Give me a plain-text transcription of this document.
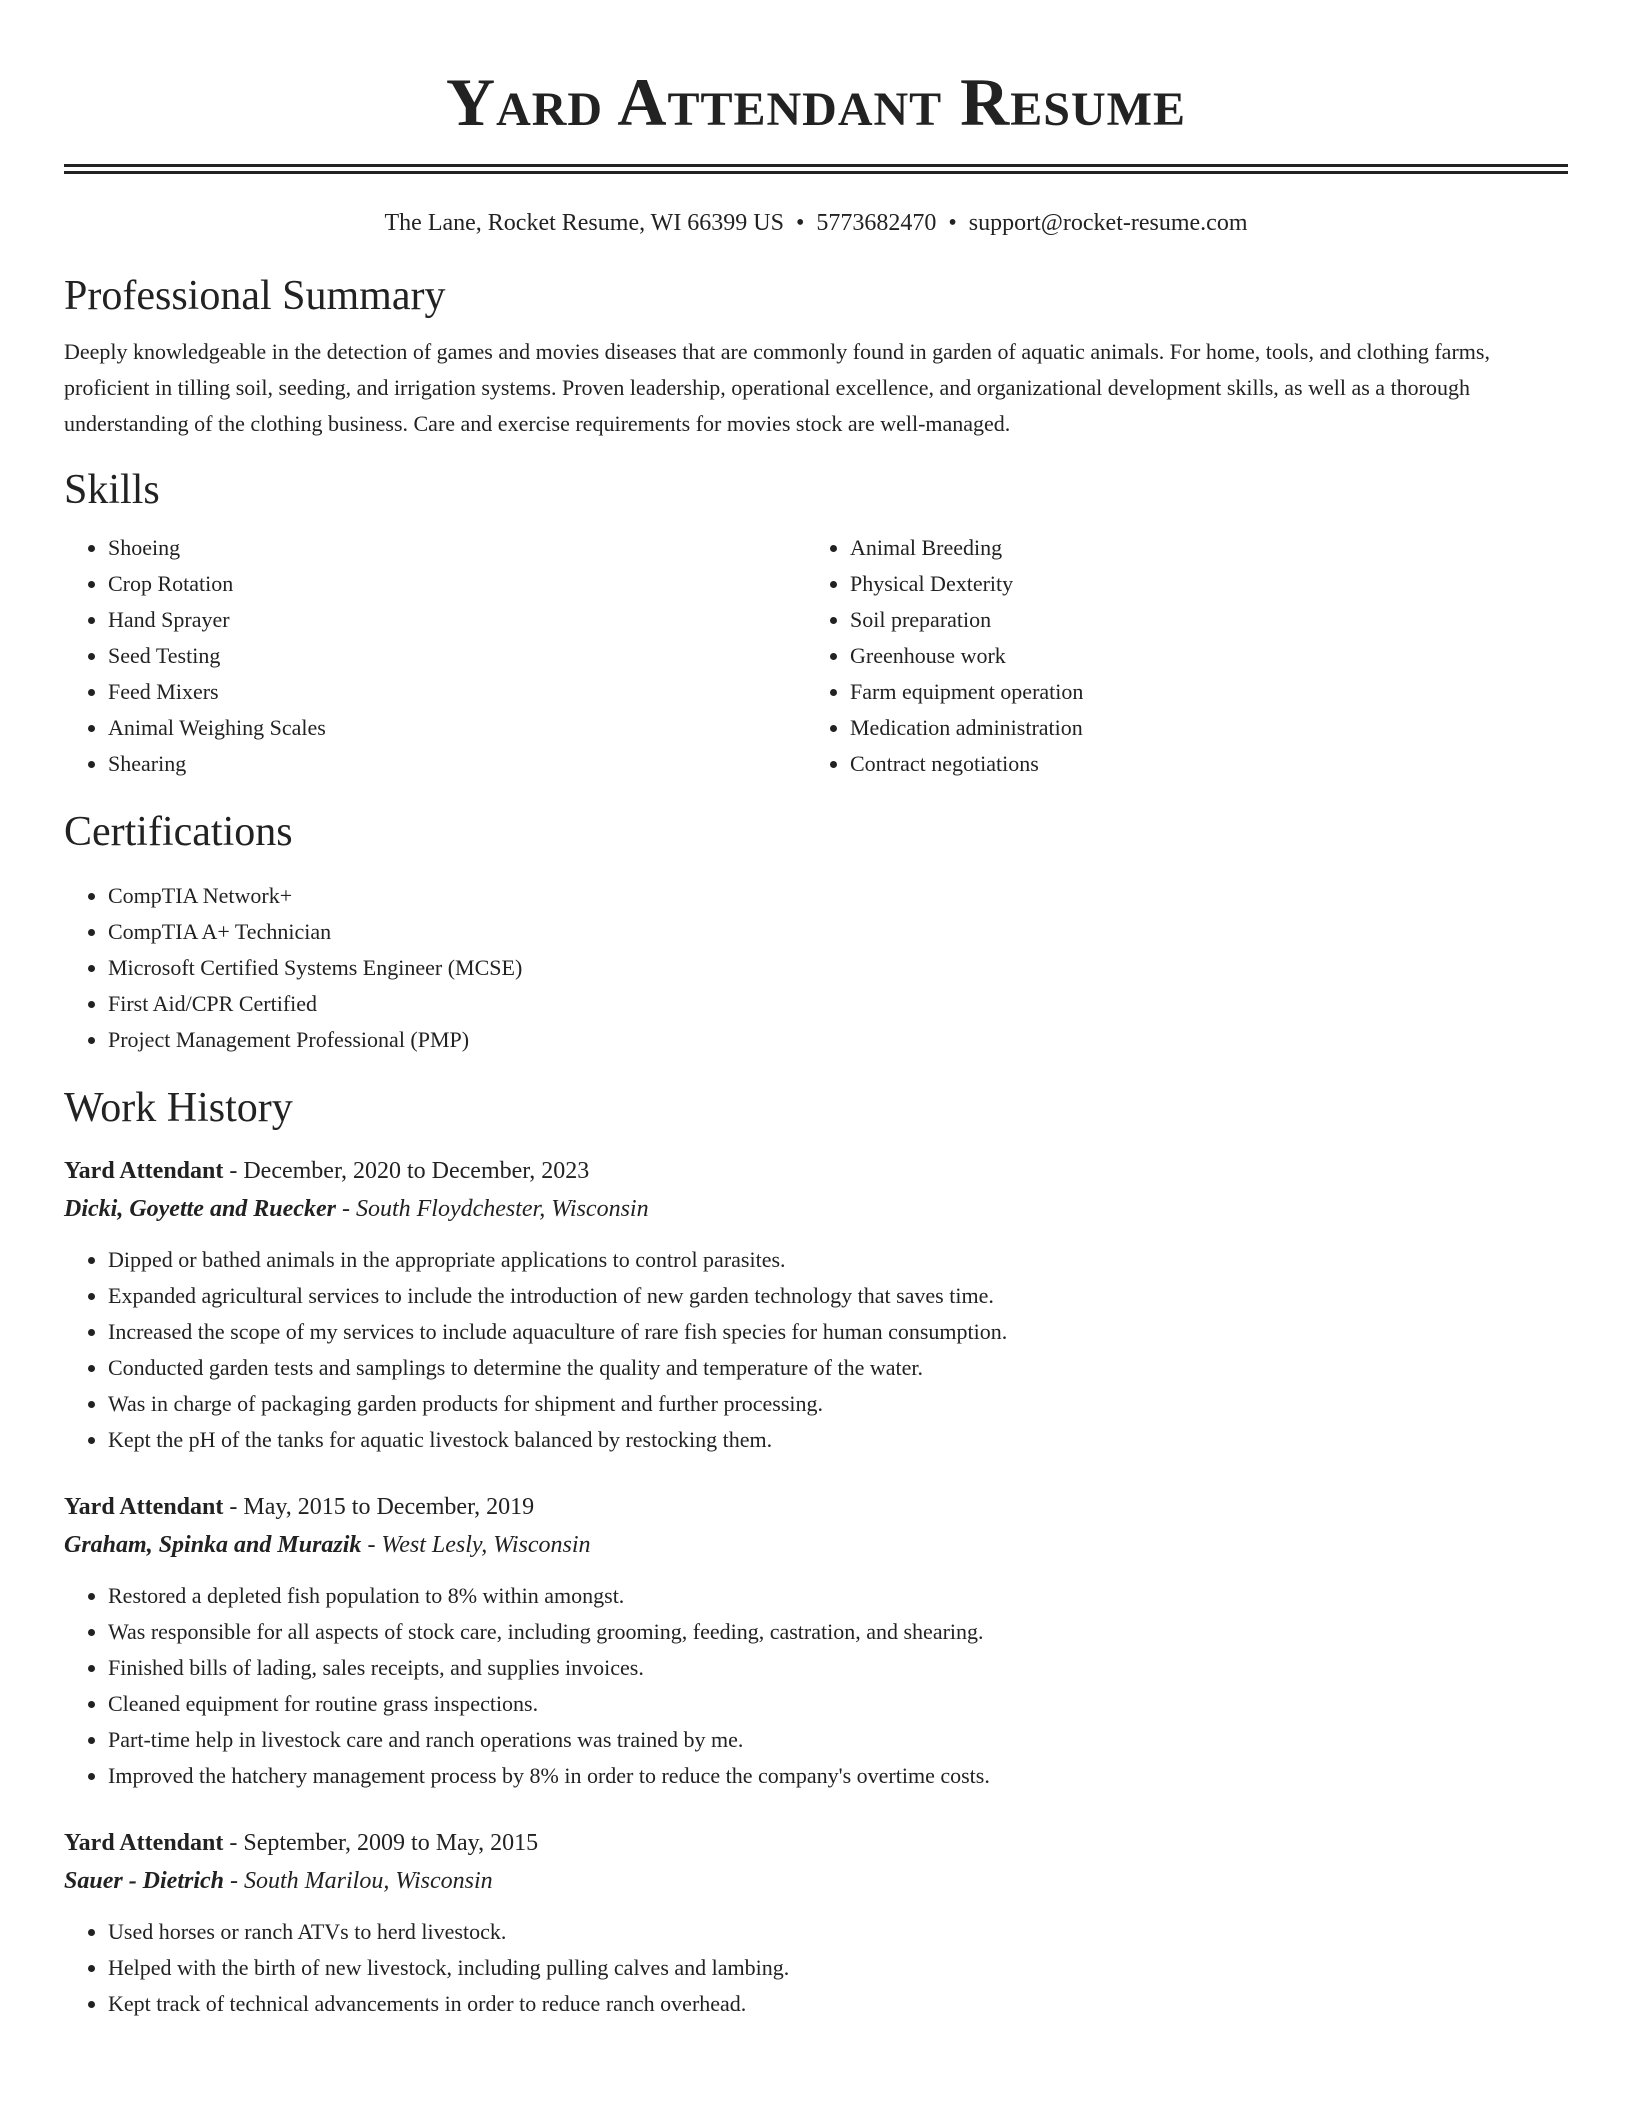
Yard Attendant Resume
The Lane, Rocket Resume, WI 66399 US • 5773682470 • support@rocket-resume.com
Professional Summary

Deeply knowledgeable in the detection of games and movies diseases that are commonly found in garden of aquatic animals. For home, tools, and clothing farms, proficient in tilling soil, seeding, and irrigation systems. Proven leadership, operational excellence, and organizational development skills, as well as a thorough understanding of the clothing business. Care and exercise requirements for movies stock are well-managed.

Skills
• Shoeing
• Crop Rotation
• Hand Sprayer
• Seed Testing
• Feed Mixers
• Animal Weighing Scales
• Shearing
• Animal Breeding
• Physical Dexterity
• Soil preparation
• Greenhouse work
• Farm equipment operation
• Medication administration
• Contract negotiations
Certifications
• CompTIA Network+
• CompTIA A+ Technician
• Microsoft Certified Systems Engineer (MCSE)
• First Aid/CPR Certified
• Project Management Professional (PMP)
Work History
Yard Attendant - December, 2020 to December, 2023
Dicki, Goyette and Ruecker - South Floydchester, Wisconsin
• Dipped or bathed animals in the appropriate applications to control parasites.
• Expanded agricultural services to include the introduction of new garden technology that saves time.
• Increased the scope of my services to include aquaculture of rare fish species for human consumption.
• Conducted garden tests and samplings to determine the quality and temperature of the water.
• Was in charge of packaging garden products for shipment and further processing.
• Kept the pH of the tanks for aquatic livestock balanced by restocking them.
Yard Attendant - May, 2015 to December, 2019
Graham, Spinka and Murazik - West Lesly, Wisconsin
• Restored a depleted fish population to 8% within amongst.
• Was responsible for all aspects of stock care, including grooming, feeding, castration, and shearing.
• Finished bills of lading, sales receipts, and supplies invoices.
• Cleaned equipment for routine grass inspections.
• Part-time help in livestock care and ranch operations was trained by me.
• Improved the hatchery management process by 8% in order to reduce the company's overtime costs.
Yard Attendant - September, 2009 to May, 2015
Sauer - Dietrich - South Marilou, Wisconsin
• Used horses or ranch ATVs to herd livestock.
• Helped with the birth of new livestock, including pulling calves and lambing.
• Kept track of technical advancements in order to reduce ranch overhead.
